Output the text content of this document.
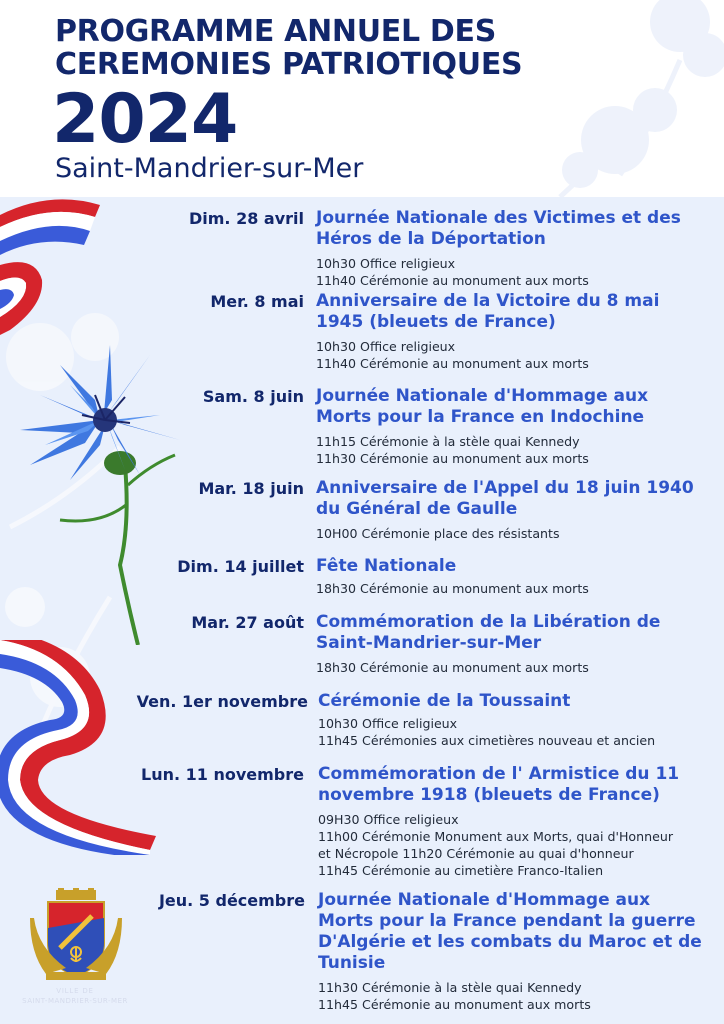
PROGRAMME ANNUEL DES
CEREMONIES PATRIOTIQUES
2024
Saint-Mandrier-sur-Mer
Dim. 28 avril Journée Nationale des Victimes et des
Héros de la Déportation
10h30 Office religieux
11h40 Cérémonie au monument aux morts
Mer. 8 mai Anniversaire de la Victoire du 8 mai
1945 (bleuets de France)
10h30 Office religieux
11h40 Cérémonie au monument aux morts
Sam. 8 juin Journée Nationale d'Hommage aux
Morts pour la France en Indochine
11h15 Cérémonie à la stèle quai Kennedy
11h30 Cérémonie au monument aux morts
Mar. 18 juin Anniversaire de l'Appel du 18 juin 1940
du Général de Gaulle
10H00 Cérémonie place des résistants
Dim. 14 juillet Fête Nationale
18h30 Cérémonie au monument aux morts
Mar. 27 août Commémoration de la Libération de
Saint-Mandrier-sur-Mer
18h30 Cérémonie au monument aux morts
Ven. 1er novembre Cérémonie de la Toussaint
10h30 Office religieux
11h45 Cérémonies aux cimetières nouveau et ancien
Lun. 11 novembre Commémoration de l' Armistice du 11
novembre 1918 (bleuets de France)
09H30 Office religieux
11h00 Cérémonie Monument aux Morts, quai d'Honneur
et Nécropole 11h20 Cérémonie au quai d'honneur
11h45 Cérémonie au cimetière Franco-Italien
Jeu. 5 décembre Journée Nationale d'Hommage aux
Morts pour la France pendant la guerre
D'Algérie et les combats du Maroc et de
Tunisie
11h30 Cérémonie à la stèle quai Kennedy
11h45 Cérémonie au monument aux morts
VILLE DE
SAINT-MANDRIER-SUR-MER
